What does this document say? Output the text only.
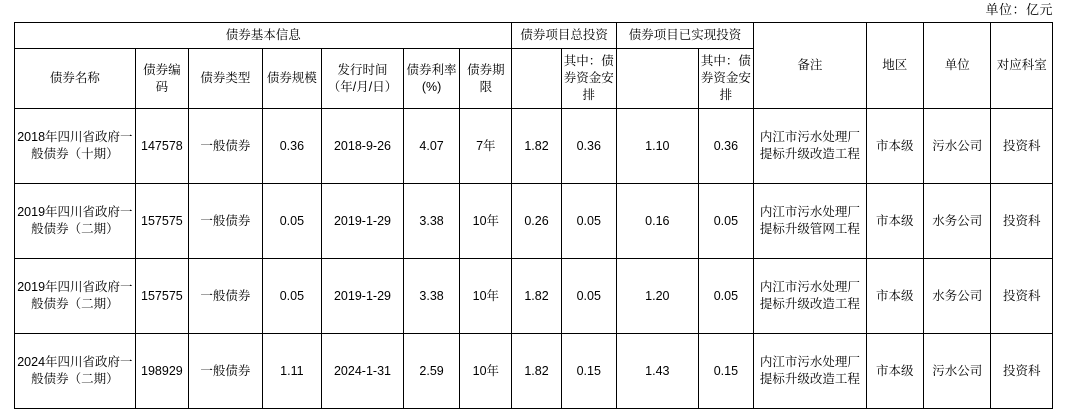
单位：亿元
债券基本信息							债券项目总投资		债券项目已实现投资		备注	地区	单位	对应科室
债券名称	债券编码	债券类型	债券规模	发行时间（年/月/日）	债券利率(%)	债券期限		其中：债券资金安排		其中：债券资金安排				
2018年四川省政府一般债券（十期）	147578	一般债券	0.36	2018-9-26	4.07	7年	1.82	0.36	1.10	0.36	内江市污水处理厂提标升级改造工程	市本级	污水公司	投资科
2019年四川省政府一般债券（二期）	157575	一般债券	0.05	2019-1-29	3.38	10年	0.26	0.05	0.16	0.05	内江市污水处理厂提标升级管网工程	市本级	水务公司	投资科
2019年四川省政府一般债券（二期）	157575	一般债券	0.05	2019-1-29	3.38	10年	1.82	0.05	1.20	0.05	内江市污水处理厂提标升级改造工程	市本级	水务公司	投资科
2024年四川省政府一般债券（二期）	198929	一般债券	1.11	2024-1-31	2.59	10年	1.82	0.15	1.43	0.15	内江市污水处理厂提标升级改造工程	市本级	污水公司	投资科
